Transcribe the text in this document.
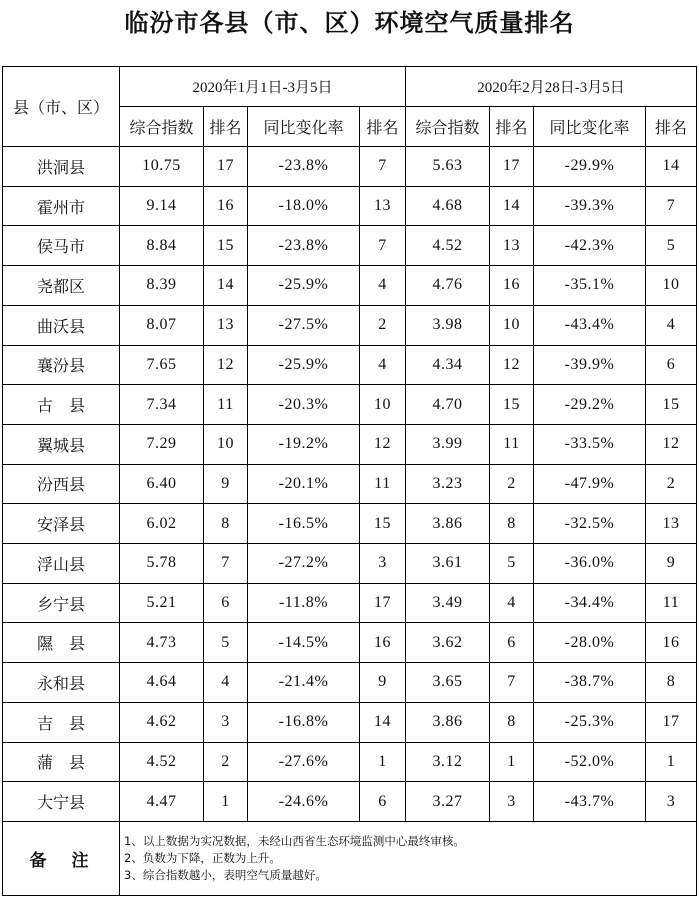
临汾市各县（市、区）环境空气质量排名
县（市、区）	2020年1月1日-3月5日				2020年2月28日-3月5日			
	综合指数	排名	同比变化率	排名	综合指数	排名	同比变化率	排名
洪洞县	10.75	17	-23.8%	7	5.63	17	-29.9%	14
霍州市	9.14	16	-18.0%	13	4.68	14	-39.3%	7
侯马市	8.84	15	-23.8%	7	4.52	13	-42.3%	5
尧都区	8.39	14	-25.9%	4	4.76	16	-35.1%	10
曲沃县	8.07	13	-27.5%	2	3.98	10	-43.4%	4
襄汾县	7.65	12	-25.9%	4	4.34	12	-39.9%	6
古　县	7.34	11	-20.3%	10	4.70	15	-29.2%	15
翼城县	7.29	10	-19.2%	12	3.99	11	-33.5%	12
汾西县	6.40	9	-20.1%	11	3.23	2	-47.9%	2
安泽县	6.02	8	-16.5%	15	3.86	8	-32.5%	13
浮山县	5.78	7	-27.2%	3	3.61	5	-36.0%	9
乡宁县	5.21	6	-11.8%	17	3.49	4	-34.4%	11
隰　县	4.73	5	-14.5%	16	3.62	6	-28.0%	16
永和县	4.64	4	-21.4%	9	3.65	7	-38.7%	8
吉　县	4.62	3	-16.8%	14	3.86	8	-25.3%	17
蒲　县	4.52	2	-27.6%	1	3.12	1	-52.0%	1
大宁县	4.47	1	-24.6%	6	3.27	3	-43.7%	3
备　注	1、以上数据为实况数据，未经山西省生态环境监测中心最终审核。
2、负数为下降，正数为上升。
3、综合指数越小，表明空气质量越好。							
